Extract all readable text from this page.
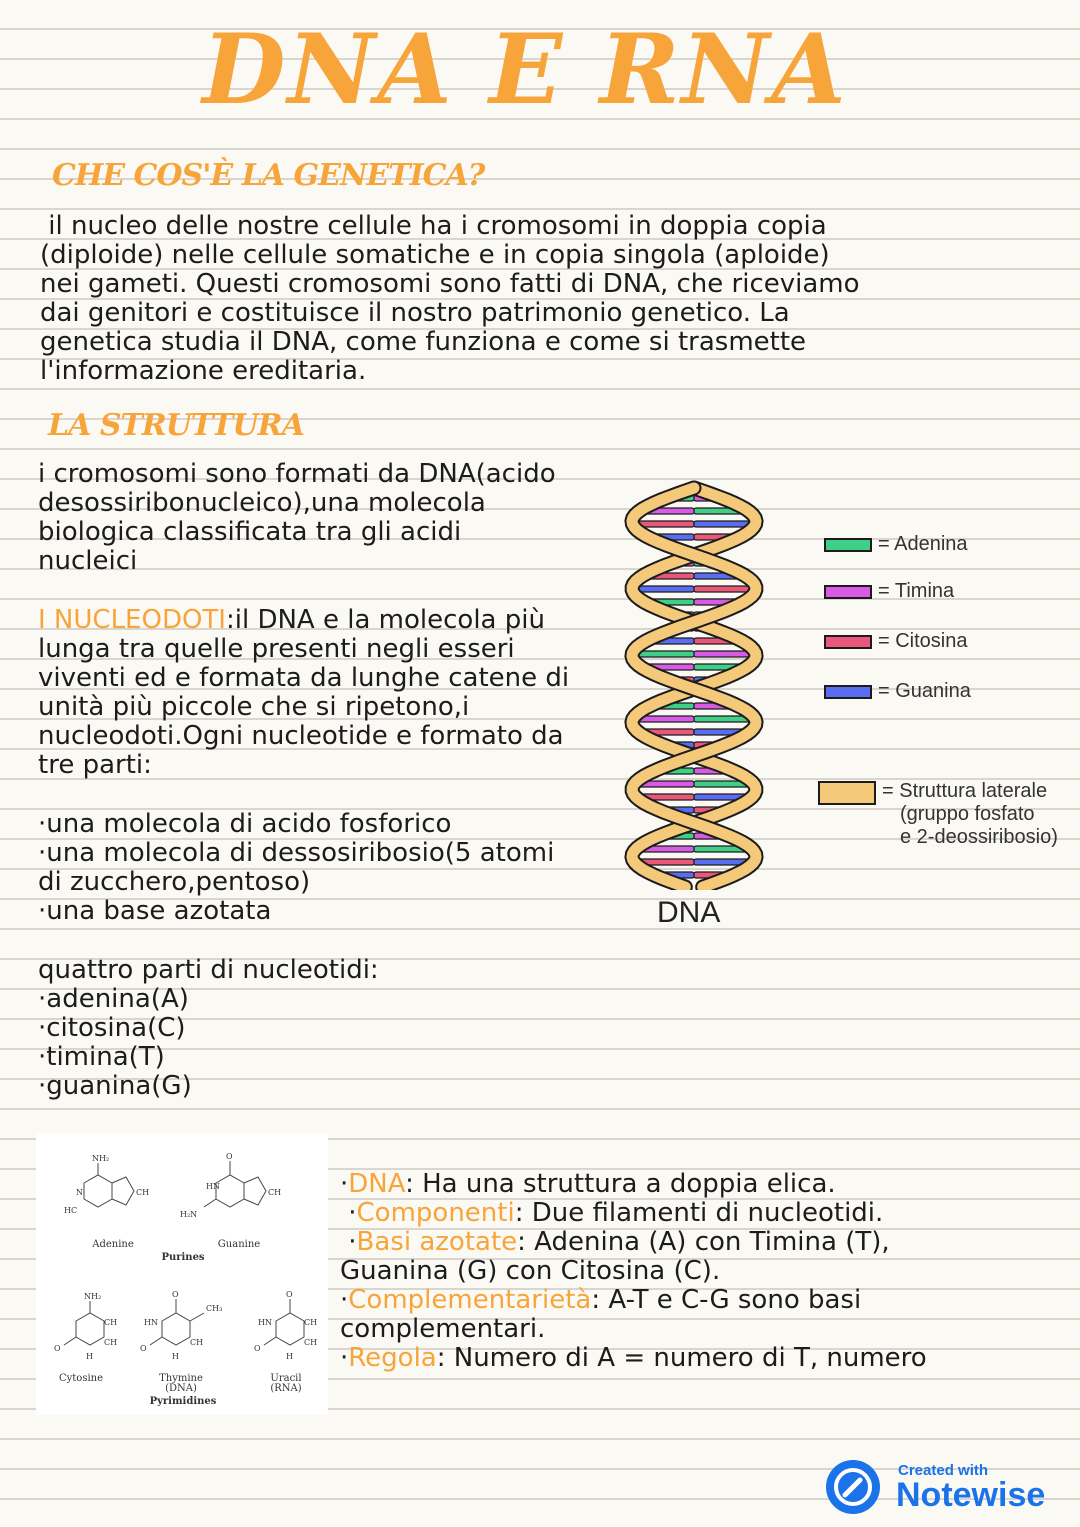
DNA E RNA
CHE COS'È LA GENETICA?
il nucleo delle nostre cellule ha i cromosomi in doppia copia
(diploide) nelle cellule somatiche e in copia singola (aploide)
nei gameti. Questi cromosomi sono fatti di DNA, che riceviamo
dai genitori e costituisce il nostro patrimonio genetico. La
genetica studia il DNA, come funziona e come si trasmette
l'informazione ereditaria.
LA STRUTTURA
i cromosomi sono formati da DNA(acido
desossiribonucleico),una molecola
biologica classificata tra gli acidi
nucleici
I NUCLEODOTI:il DNA e la molecola più
lunga tra quelle presenti negli esseri
viventi ed e formata da lunghe catene di
unità più piccole che si ripetono,i
nucleodoti.Ogni nucleotide e formato da
tre parti:
·una molecola di acido fosforico
·una molecola di dessosiribosio(5 atomi
di zucchero,pentoso)
·una base azotata
quattro parti di nucleotidi:
·adenina(A)
·citosina(C)
·timina(T)
·guanina(G)
DNA
= Adenina
= Timina
= Citosina
= Guanina
= Struttura laterale
(gruppo fosfato
e 2-deossiribosio)
NH₂
N
HC
CH
O
HN
CH
H₂N
NH₂
CH
CH
O
H
O
HN
CH₃
CH
O
H
O
HN	CH
CH
O
H
Adenine	Guanine
Purines
Cytosine	Thymine
(DNA)
Uracil
(RNA)
Pyrimidines
·DNA: Ha una struttura a doppia elica.
·Componenti: Due filamenti di nucleotidi.
·Basi azotate: Adenina (A) con Timina (T),
Guanina (G) con Citosina (C).
·Complementarietà: A-T e C-G sono basi
complementari.
·Regola: Numero di A = numero di T, numero
Created with
Notewise
